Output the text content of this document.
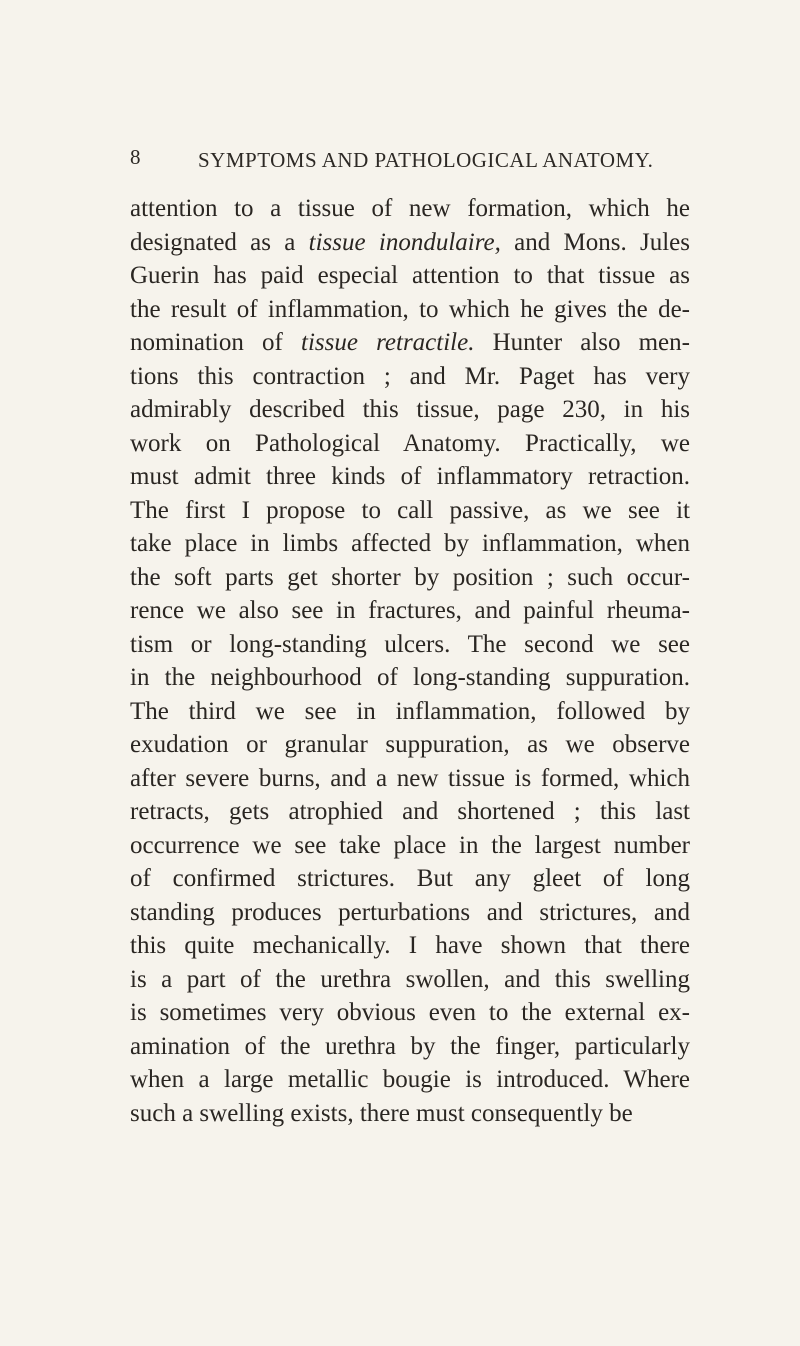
8	SYMPTOMS AND PATHOLOGICAL ANATOMY.
attention to a tissue of new formation, which he
designated as a tissue inondulaire, and Mons. Jules
Guerin has paid especial attention to that tissue as
the result of inflammation, to which he gives the de-
nomination of tissue retractile. Hunter also men-
tions this contraction ; and Mr. Paget has very
admirably described this tissue, page 230, in his
work on Pathological Anatomy. Practically, we
must admit three kinds of inflammatory retraction.
The first I propose to call passive, as we see it
take place in limbs affected by inflammation, when
the soft parts get shorter by position ; such occur-
rence we also see in fractures, and painful rheuma-
tism or long-standing ulcers. The second we see
in the neighbourhood of long-standing suppuration.
The third we see in inflammation, followed by
exudation or granular suppuration, as we observe
after severe burns, and a new tissue is formed, which
retracts, gets atrophied and shortened ; this last
occurrence we see take place in the largest number
of confirmed strictures. But any gleet of long
standing produces perturbations and strictures, and
this quite mechanically. I have shown that there
is a part of the urethra swollen, and this swelling
is sometimes very obvious even to the external ex-
amination of the urethra by the finger, particularly
when a large metallic bougie is introduced. Where
such a swelling exists, there must consequently be
